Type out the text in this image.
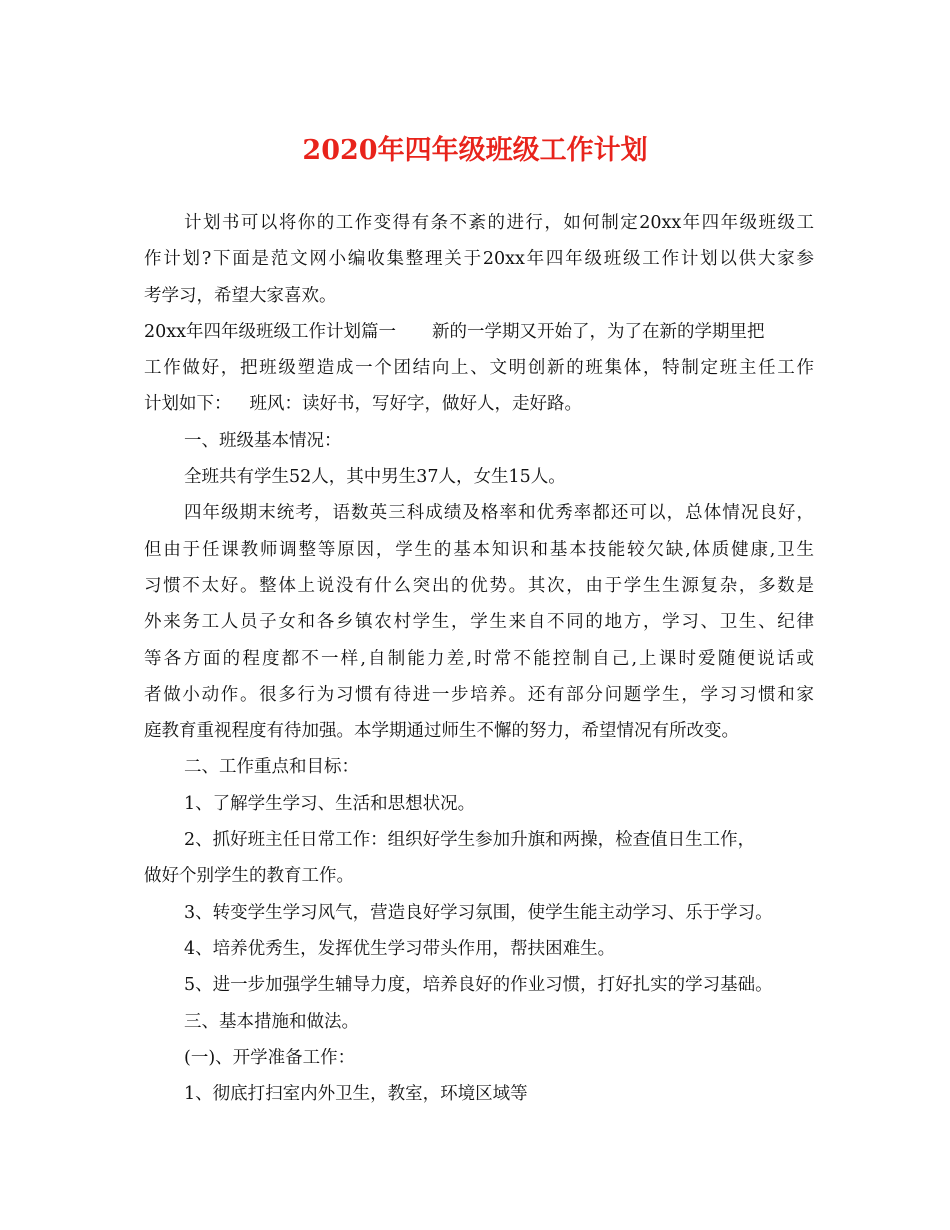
2020年四年级班级工作计划
计划书可以将你的工作变得有条不紊的进行，如何制定20xx年四年级班级工
作计划?下面是范文网小编收集整理关于20xx年四年级班级工作计划以供大家参
考学习，希望大家喜欢。
20xx年四年级班级工作计划篇一 新的一学期又开始了，为了在新的学期里把
工作做好，把班级塑造成一个团结向上、文明创新的班集体，特制定班主任工作
计划如下： 班风：读好书，写好字，做好人，走好路。
一、班级基本情况：
全班共有学生52人，其中男生37人，女生15人。
四年级期末统考，语数英三科成绩及格率和优秀率都还可以，总体情况良好，
但由于任课教师调整等原因，学生的基本知识和基本技能较欠缺,体质健康,卫生
习惯不太好。整体上说没有什么突出的优势。其次，由于学生生源复杂，多数是
外来务工人员子女和各乡镇农村学生，学生来自不同的地方，学习、卫生、纪律
等各方面的程度都不一样,自制能力差,时常不能控制自己,上课时爱随便说话或
者做小动作。很多行为习惯有待进一步培养。还有部分问题学生，学习习惯和家
庭教育重视程度有待加强。本学期通过师生不懈的努力，希望情况有所改变。
二、工作重点和目标：
1、了解学生学习、生活和思想状况。
2、抓好班主任日常工作：组织好学生参加升旗和两操，检查值日生工作，
做好个别学生的教育工作。
3、转变学生学习风气，营造良好学习氛围，使学生能主动学习、乐于学习。
4、培养优秀生，发挥优生学习带头作用，帮扶困难生。
5、进一步加强学生辅导力度，培养良好的作业习惯，打好扎实的学习基础。
三、基本措施和做法。
(一)、开学准备工作：
1、彻底打扫室内外卫生，教室，环境区域等
